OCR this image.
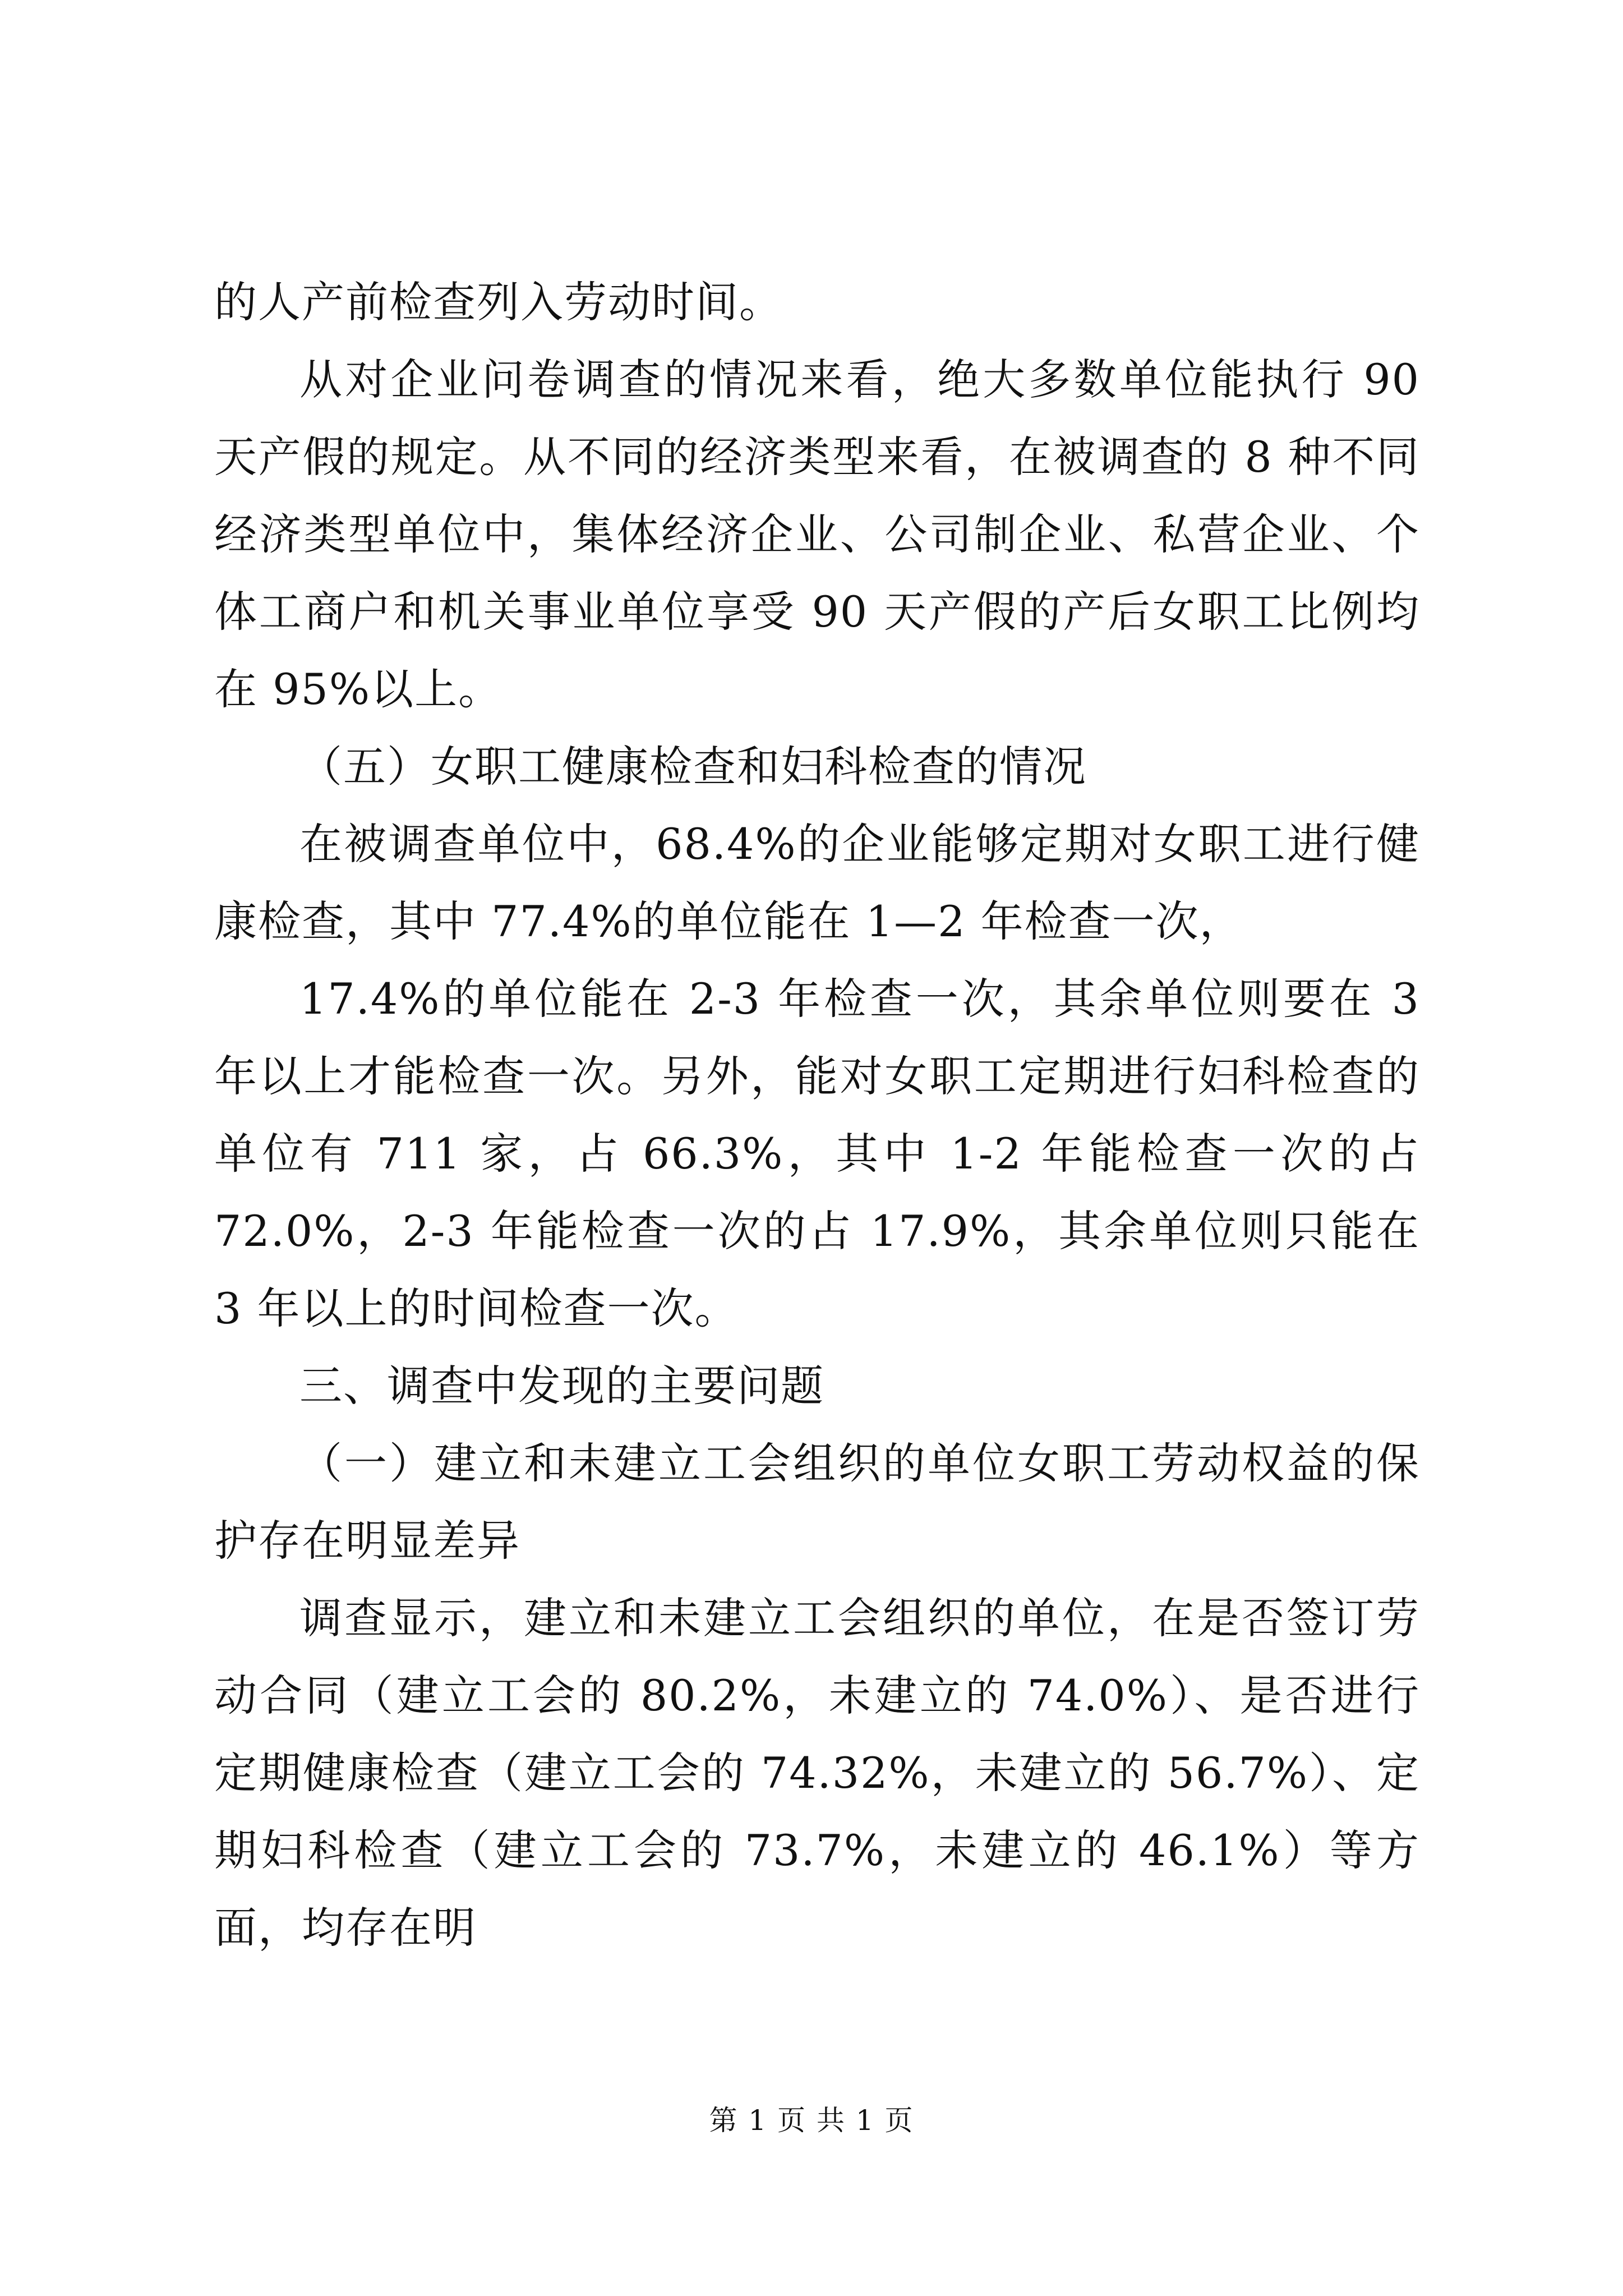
的人产前检查列入劳动时间。

从对企业问卷调查的情况来看，绝大多数单位能执行 90 天产假的规定。从不同的经济类型来看，在被调查的 8 种不同经济类型单位中，集体经济企业、公司制企业、私营企业、个体工商户和机关事业单位享受 90 天产假的产后女职工比例均在 95%以上。

（五）女职工健康检查和妇科检查的情况

在被调查单位中，68.4%的企业能够定期对女职工进行健康检查，其中 77.4%的单位能在 1—2 年检查一次，

17.4%的单位能在 2-3 年检查一次，其余单位则要在 3 年以上才能检查一次。另外，能对女职工定期进行妇科检查的单位有 711 家，占 66.3%，其中 1-2 年能检查一次的占 72.0%，2-3 年能检查一次的占 17.9%，其余单位则只能在 3 年以上的时间检查一次。

三、调查中发现的主要问题

（一）建立和未建立工会组织的单位女职工劳动权益的保护存在明显差异

调查显示，建立和未建立工会组织的单位，在是否签订劳动合同（建立工会的 80.2%，未建立的 74.0%）、是否进行定期健康检查（建立工会的 74.32%，未建立的 56.7%）、定期妇科检查（建立工会的 73.7%，未建立的 46.1%）等方面，均存在明

第 1 页 共 1 页
